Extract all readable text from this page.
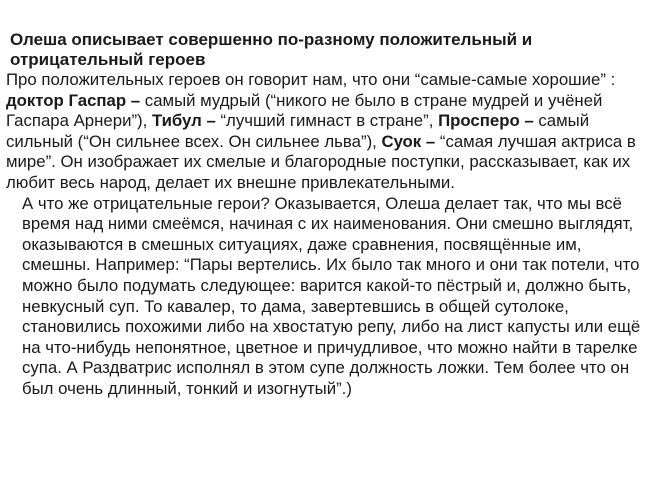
Олеша описывает совершенно по-разному положительный и
отрицательный героев

Про положительных героев он говорит нам, что они “самые-самые хорошие” : доктор Гаспар – самый мудрый (“никого не было в стране мудрей и учёней Гаспара Арнери”), Тибул – “лучший гимнаст в стране”, Просперо – самый сильный (“Он сильнее всех. Он сильнее льва”), Суок – “самая лучшая актриса в мире”. Он изображает их смелые и благородные поступки, рассказывает, как их любит весь народ, делает их внешне привлекательными.

А что же отрицательные герои? Оказывается, Олеша делает так, что мы всё время над ними смеёмся, начиная с их наименования. Они смешно выглядят, оказываются в смешных ситуациях, даже сравнения, посвящённые им, смешны. Например: “Пары вертелись. Их было так много и они так потели, что можно было подумать следующее: варится какой-то пёстрый и, должно быть, невкусный суп. То кавалер, то дама, завертевшись в общей сутолоке, становились похожими либо на хвостатую репу, либо на лист капусты или ещё на что-нибудь непонятное, цветное и причудливое, что можно найти в тарелке супа. А Раздватрис исполнял в этом супе должность ложки. Тем более что он был очень длинный, тонкий и изогнутый”.)
